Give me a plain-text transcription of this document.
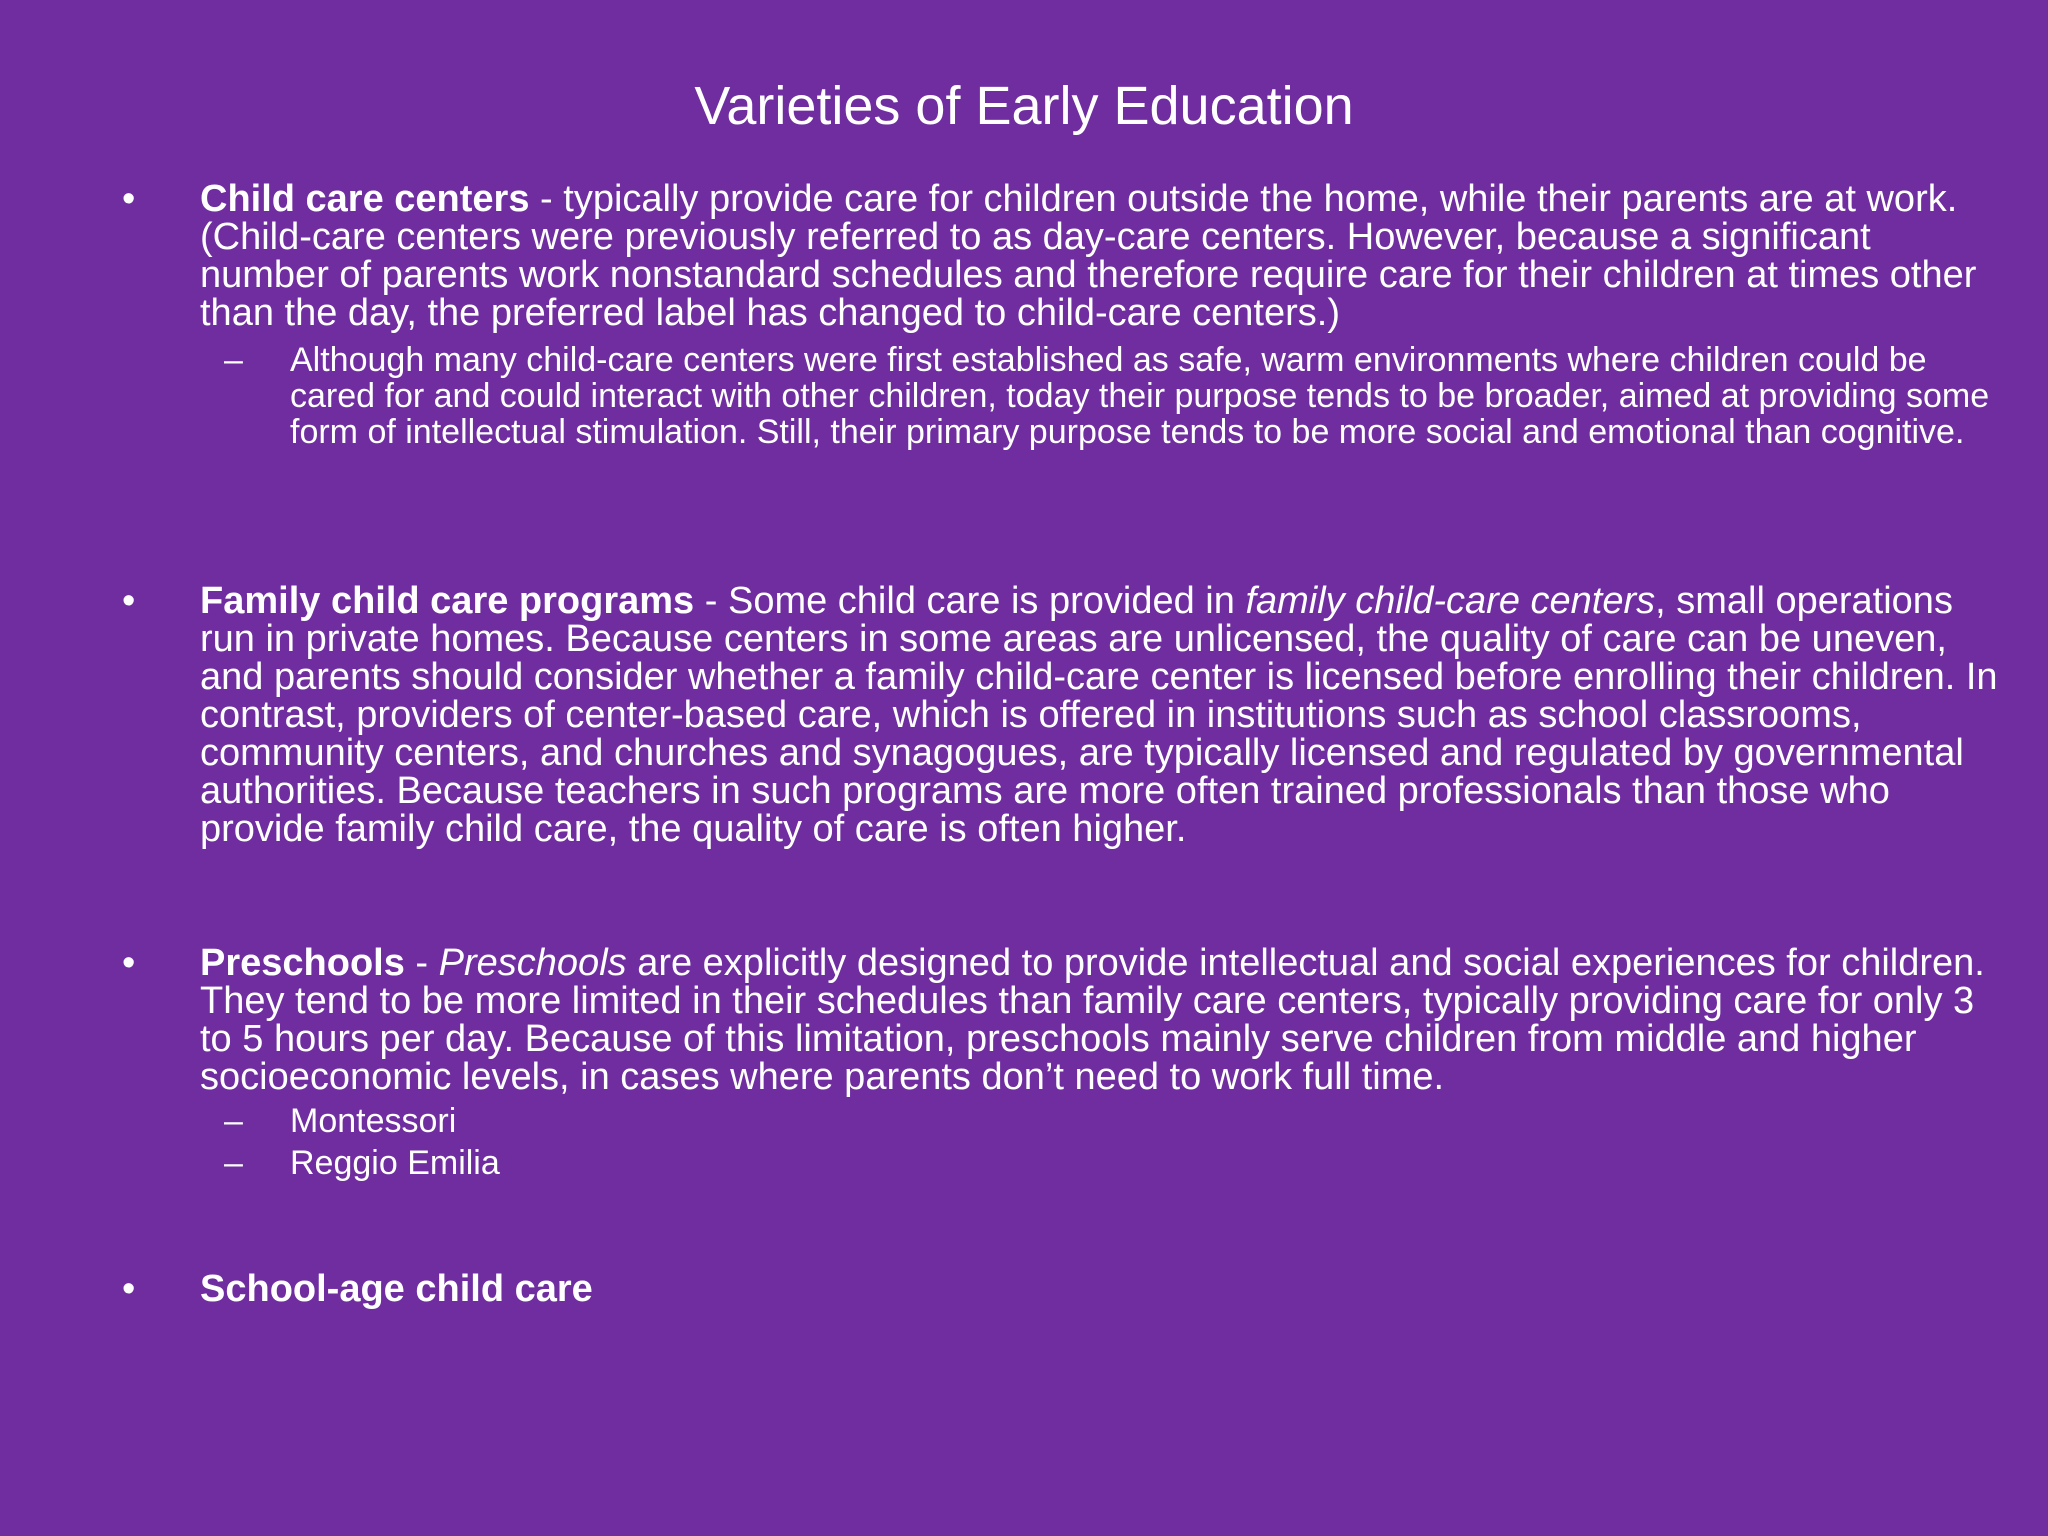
Varieties of Early Education
•	Child care centers - typically provide care for children outside the home, while their parents are at work. (Child-care centers were previously referred to as day-care centers. However, because a significant number of parents work nonstandard schedules and therefore require care for their children at times other than the day, the preferred label has changed to child-care centers.)
– Although many child-care centers were first established as safe, warm environments where children could be cared for and could interact with other children, today their purpose tends to be broader, aimed at providing some form of intellectual stimulation. Still, their primary purpose tends to be more social and emotional than cognitive.
•	Family child care programs - Some child care is provided in family child-care centers, small operations run in private homes. Because centers in some areas are unlicensed, the quality of care can be uneven, and parents should consider whether a family child-care center is licensed before enrolling their children. In contrast, providers of center-based care, which is offered in institutions such as school classrooms, community centers, and churches and synagogues, are typically licensed and regulated by governmental authorities. Because teachers in such programs are more often trained professionals than those who provide family child care, the quality of care is often higher.
•	Preschools - Preschools are explicitly designed to provide intellectual and social experiences for children. They tend to be more limited in their schedules than family care centers, typically providing care for only 3 to 5 hours per day. Because of this limitation, preschools mainly serve children from middle and higher socioeconomic levels, in cases where parents don’t need to work full time.
– Montessori
– Reggio Emilia
•	School-age child care
